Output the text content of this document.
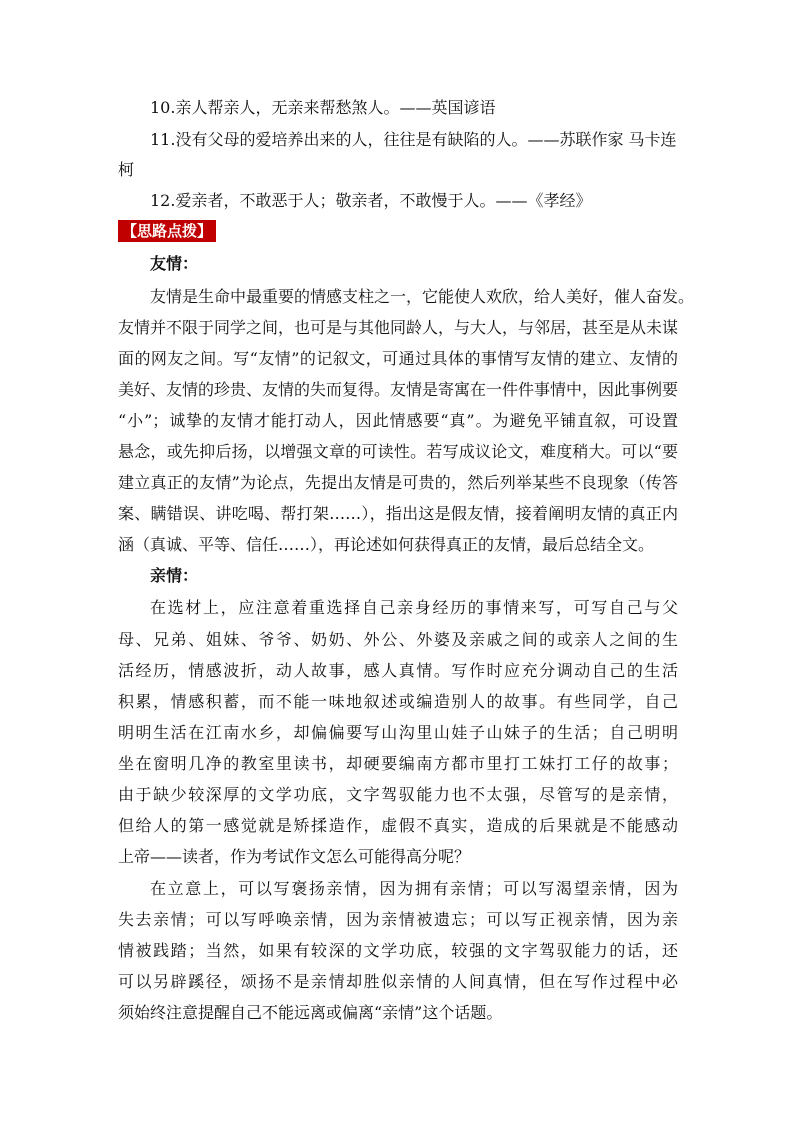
10.亲人帮亲人，无亲来帮愁煞人。——英国谚语
11.没有父母的爱培养出来的人，往往是有缺陷的人。——苏联作家 马卡连
柯
12.爱亲者，不敢恶于人；敬亲者，不敢慢于人。——《孝经》
【思路点拨】
友情：
友情是生命中最重要的情感支柱之一，它能使人欢欣，给人美好，催人奋发。
友情并不限于同学之间，也可是与其他同龄人，与大人，与邻居，甚至是从未谋
面的网友之间。写“友情”的记叙文，可通过具体的事情写友情的建立、友情的
美好、友情的珍贵、友情的失而复得。友情是寄寓在一件件事情中，因此事例要
“小”；诚挚的友情才能打动人，因此情感要“真”。为避免平铺直叙，可设置
悬念，或先抑后扬，以增强文章的可读性。若写成议论文，难度稍大。可以“要
建立真正的友情”为论点，先提出友情是可贵的，然后列举某些不良现象（传答
案、瞒错误、讲吃喝、帮打架……），指出这是假友情，接着阐明友情的真正内
涵（真诚、平等、信任……），再论述如何获得真正的友情，最后总结全文。
亲情：
在选材上，应注意着重选择自己亲身经历的事情来写，可写自己与父
母、兄弟、姐妹、爷爷、奶奶、外公、外婆及亲戚之间的或亲人之间的生
活经历，情感波折，动人故事，感人真情。写作时应充分调动自己的生活
积累，情感积蓄，而不能一味地叙述或编造别人的故事。有些同学，自己
明明生活在江南水乡，却偏偏要写山沟里山娃子山妹子的生活；自己明明
坐在窗明几净的教室里读书，却硬要编南方都市里打工妹打工仔的故事；
由于缺少较深厚的文学功底，文字驾驭能力也不太强，尽管写的是亲情，
但给人的第一感觉就是矫揉造作，虚假不真实，造成的后果就是不能感动
上帝——读者，作为考试作文怎么可能得高分呢？
在立意上，可以写褒扬亲情，因为拥有亲情；可以写渴望亲情，因为
失去亲情；可以写呼唤亲情，因为亲情被遗忘；可以写正视亲情，因为亲
情被践踏；当然，如果有较深的文学功底，较强的文字驾驭能力的话，还
可以另辟蹊径，颂扬不是亲情却胜似亲情的人间真情，但在写作过程中必
须始终注意提醒自己不能远离或偏离“亲情”这个话题。
